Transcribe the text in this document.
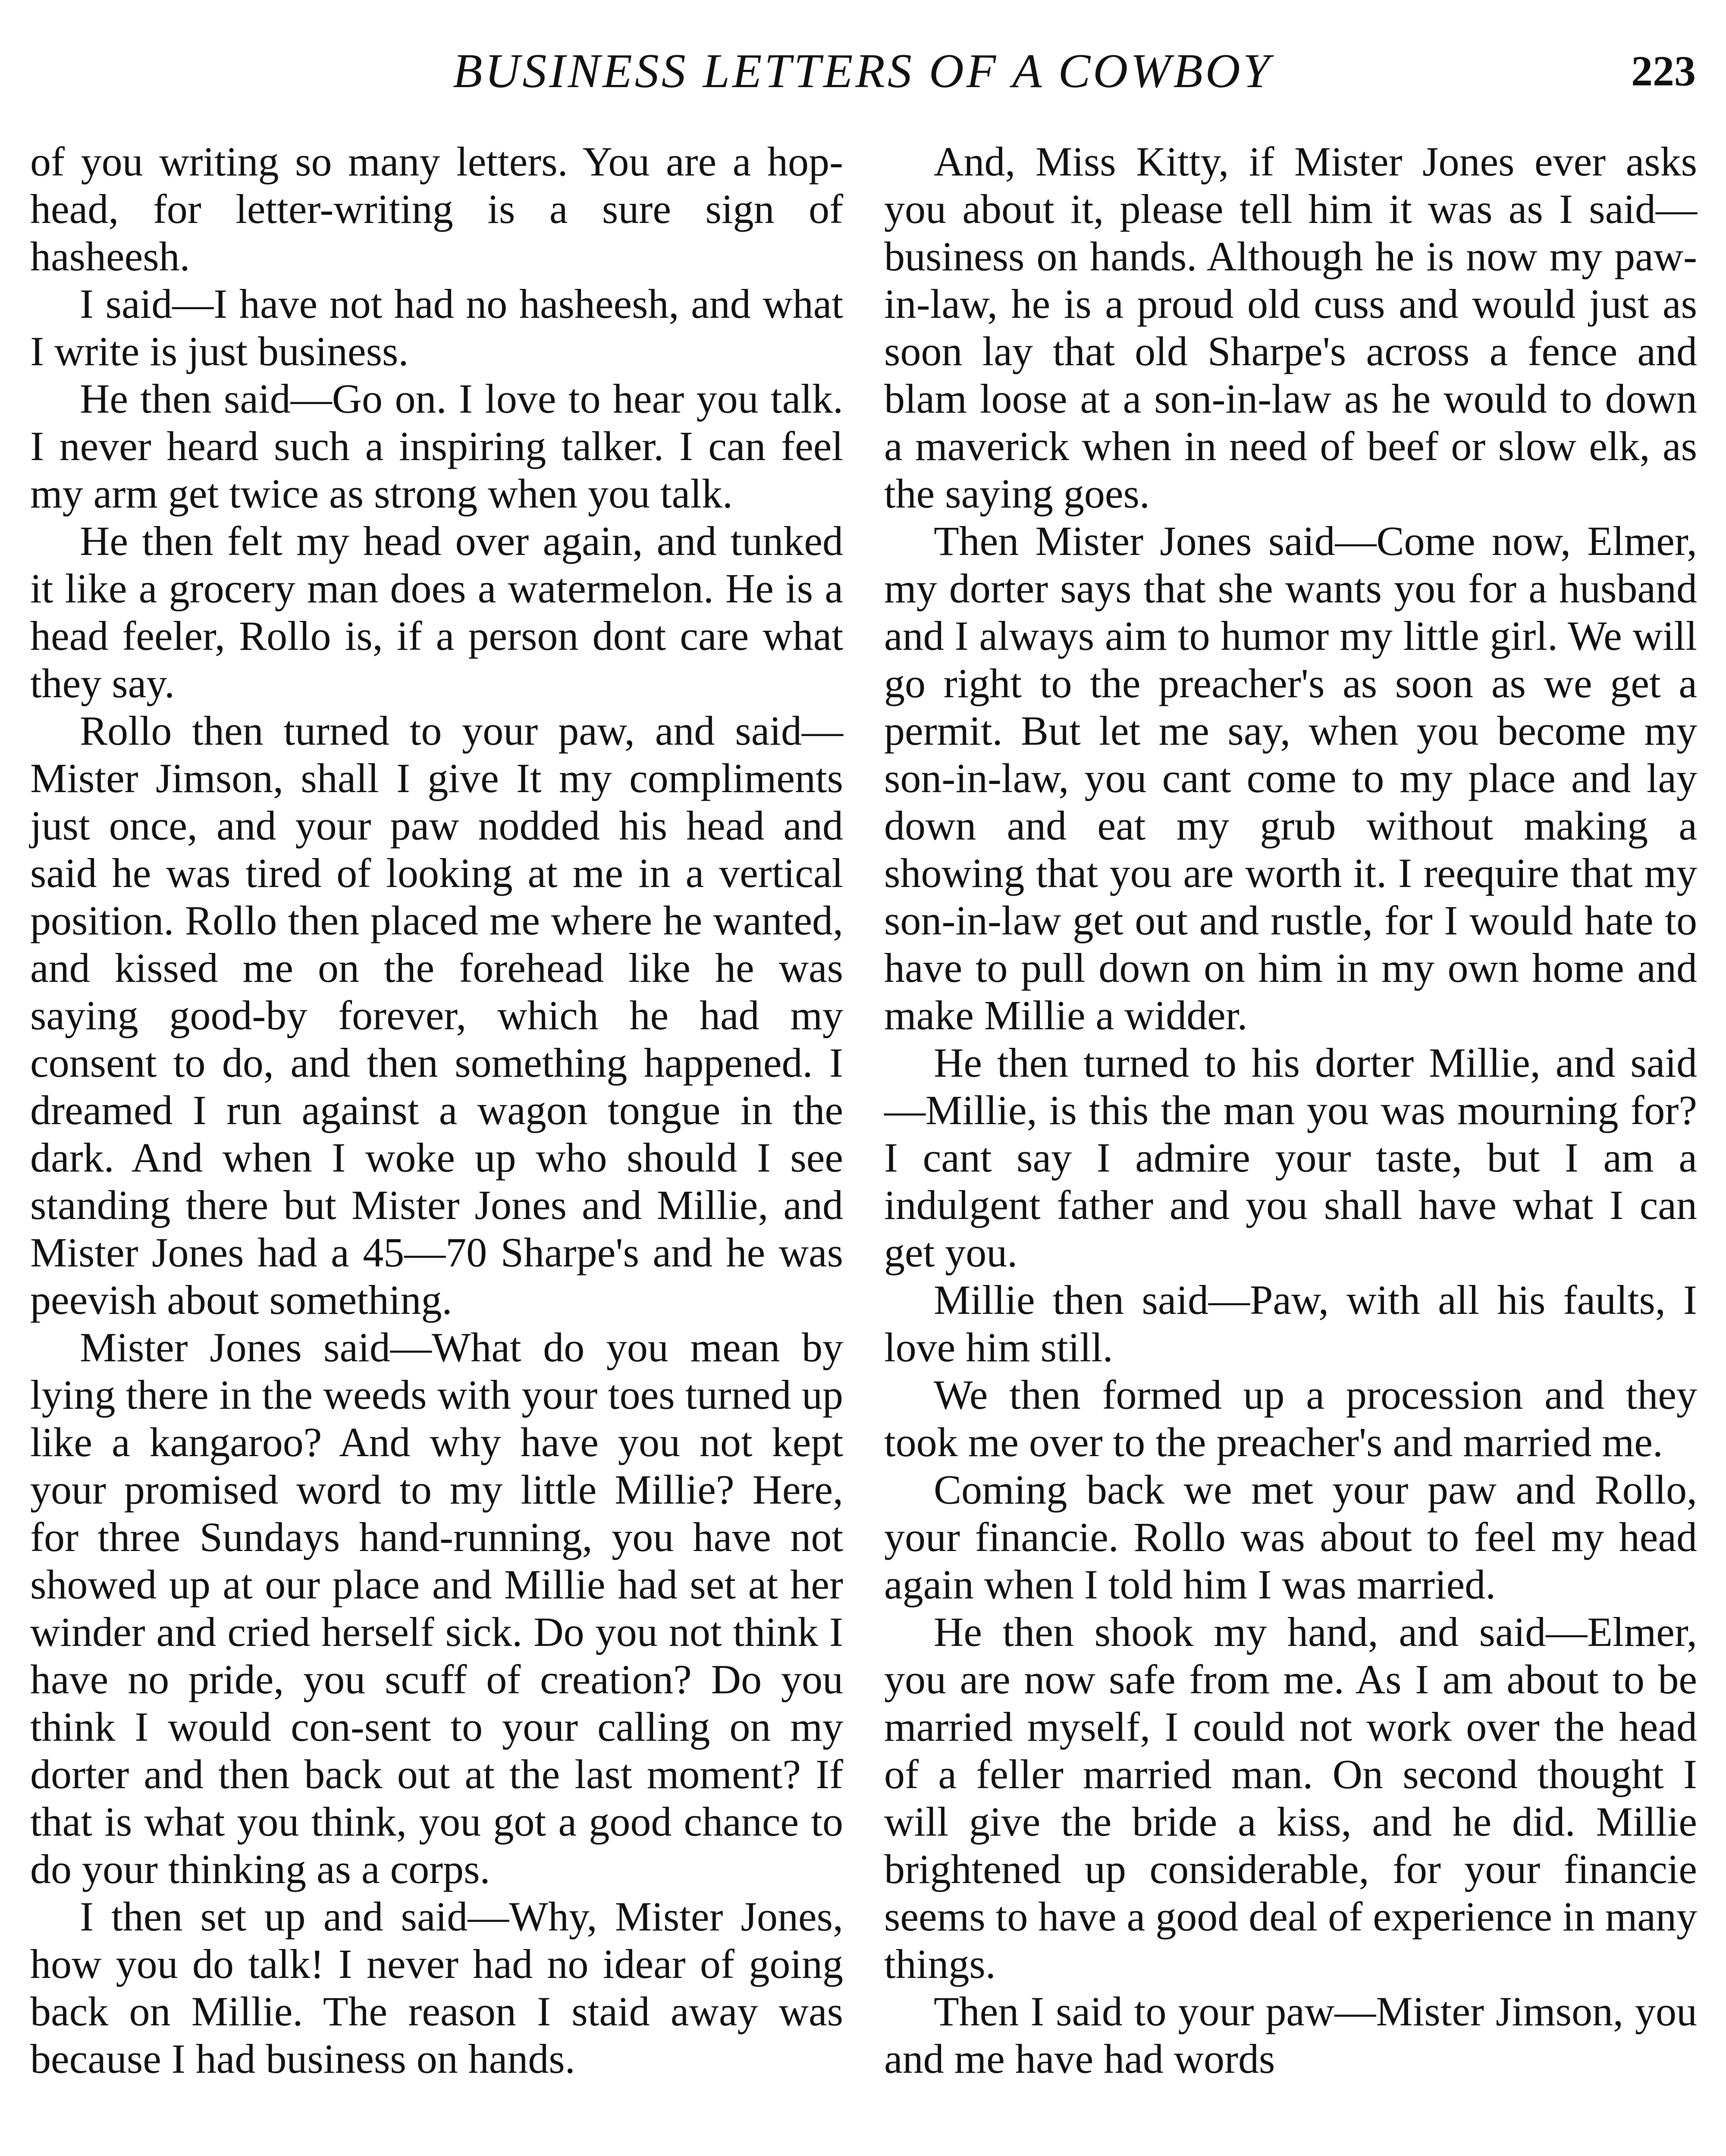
BUSINESS LETTERS OF A COWBOY	223

of you writing so many letters. You are a hop-head, for letter-writing is a sure sign of hasheesh.

I said—I have not had no hasheesh, and what I write is just business.

He then said—Go on. I love to hear you talk. I never heard such a inspiring talker. I can feel my arm get twice as strong when you talk.

He then felt my head over again, and tunked it like a grocery man does a watermelon. He is a head feeler, Rollo is, if a person dont care what they say.

Rollo then turned to your paw, and said—Mister Jimson, shall I give It my compliments just once, and your paw nodded his head and said he was tired of looking at me in a vertical position. Rollo then placed me where he wanted, and kissed me on the forehead like he was saying good-by forever, which he had my consent to do, and then something happened. I dreamed I run against a wagon tongue in the dark. And when I woke up who should I see standing there but Mister Jones and Millie, and Mister Jones had a 45—70 Sharpe's and he was peevish about something.

Mister Jones said—What do you mean by lying there in the weeds with your toes turned up like a kangaroo? And why have you not kept your promised word to my little Millie? Here, for three Sundays hand-running, you have not showed up at our place and Millie had set at her winder and cried herself sick. Do you not think I have no pride, you scuff of creation? Do you think I would con-sent to your calling on my dorter and then back out at the last moment? If that is what you think, you got a good chance to do your thinking as a corps.

I then set up and said—Why, Mister Jones, how you do talk! I never had no idear of going back on Millie. The reason I staid away was because I had business on hands.

And, Miss Kitty, if Mister Jones ever asks you about it, please tell him it was as I said—business on hands. Although he is now my paw-in-law, he is a proud old cuss and would just as soon lay that old Sharpe's across a fence and blam loose at a son-in-law as he would to down a maverick when in need of beef or slow elk, as the saying goes.

Then Mister Jones said—Come now, Elmer, my dorter says that she wants you for a husband and I always aim to humor my little girl. We will go right to the preacher's as soon as we get a permit. But let me say, when you become my son-in-law, you cant come to my place and lay down and eat my grub without making a showing that you are worth it. I reequire that my son-in-law get out and rustle, for I would hate to have to pull down on him in my own home and make Millie a widder.

He then turned to his dorter Millie, and said—Millie, is this the man you was mourning for? I cant say I admire your taste, but I am a indulgent father and you shall have what I can get you.

Millie then said—Paw, with all his faults, I love him still.

We then formed up a procession and they took me over to the preacher's and married me.

Coming back we met your paw and Rollo, your financie. Rollo was about to feel my head again when I told him I was married.

He then shook my hand, and said—Elmer, you are now safe from me. As I am about to be married myself, I could not work over the head of a feller married man. On second thought I will give the bride a kiss, and he did. Millie brightened up considerable, for your financie seems to have a good deal of experience in many things.

Then I said to your paw—Mister Jimson, you and me have had words
